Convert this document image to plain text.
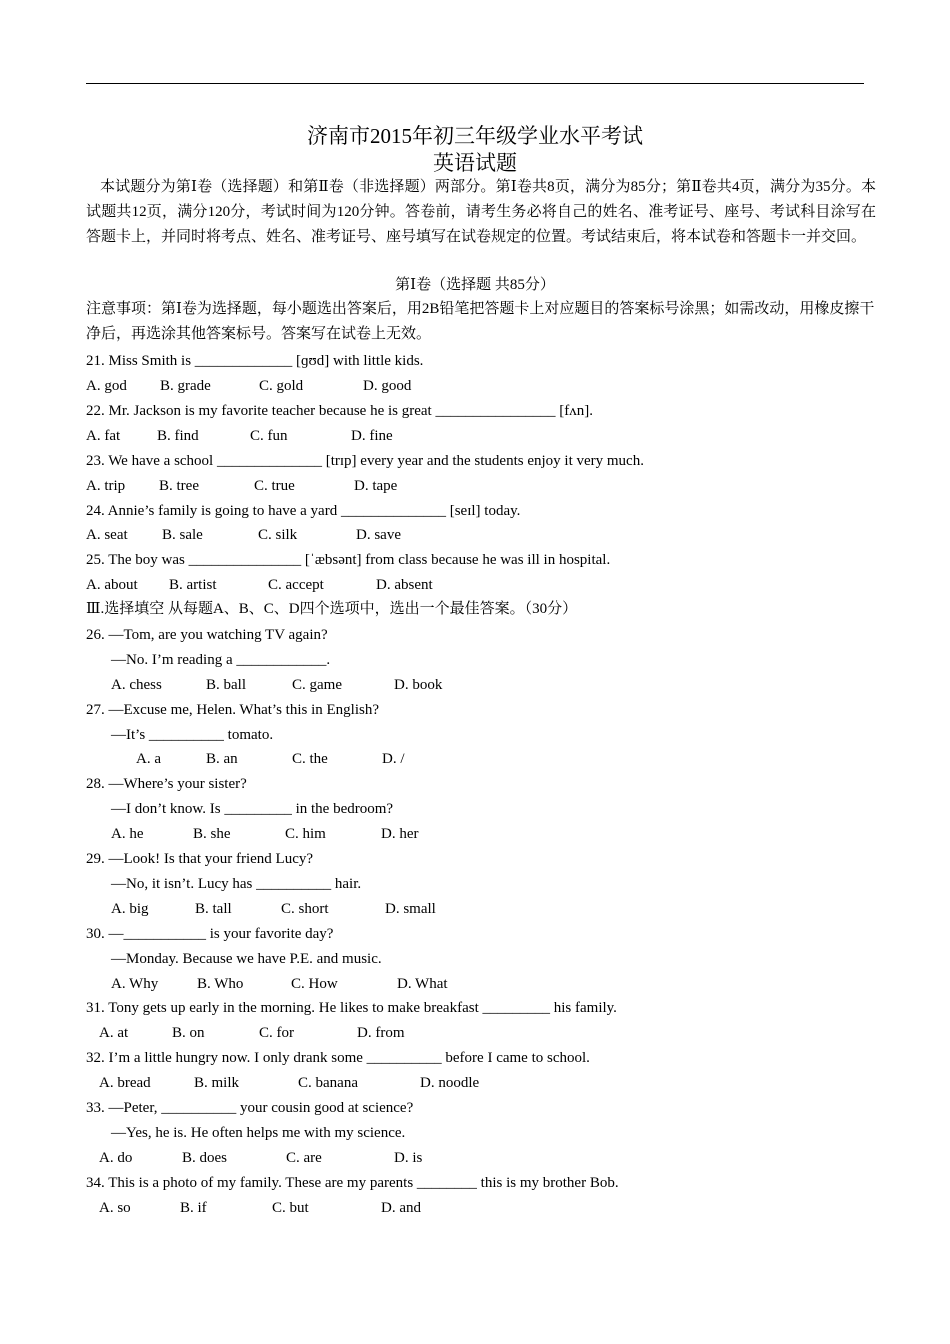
济南市2015年初三年级学业水平考试
英语试题
本试题分为第Ⅰ卷（选择题）和第Ⅱ卷（非选择题）两部分。第Ⅰ卷共8页，满分为85分；第Ⅱ卷共4页，满分为35分。本试题共12页，满分120分，考试时间为120分钟。答卷前，请考生务必将自己的姓名、准考证号、座号、考试科目涂写在答题卡上，并同时将考点、姓名、准考证号、座号填写在试卷规定的位置。考试结束后，将本试卷和答题卡一并交回。
第Ⅰ卷（选择题 共85分）
注意事项：第Ⅰ卷为选择题，每小题选出答案后，用2B铅笔把答题卡上对应题目的答案标号涂黑；如需改动，用橡皮擦干净后，再选涂其他答案标号。答案写在试卷上无效。
21. Miss Smith is _____________ [ɡʊd] with little kids.
A. god B. grade	C. gold	D. good
22. Mr. Jackson is my favorite teacher because he is great ________________ [fʌn].
A. fat B. find	C. fun	D. fine
23. We have a school ______________ [trɪp] every year and the students enjoy it very much.
A. trip B. tree	C. true	D. tape
24. Annie’s family is going to have a yard ______________ [seɪl] today.
A. seat B. sale	C. silk	D. save
25. The boy was _______________ [ˈæbsənt] from class because he was ill in hospital.
A. about B. artist	C. accept	D. absent
Ⅲ.选择填空 从每题A、B、C、D四个选项中，选出一个最佳答案。（30分）
26. —Tom, are you watching TV again?
—No. I’m reading a ____________.
A. chess	B. ball	C. game	D. book
27. —Excuse me, Helen. What’s this in English?
—It’s __________ tomato.
A. a	B. an	C. the	D. /
28. —Where’s your sister?
—I don’t know. Is _________ in the bedroom?
A. he	B. she	C. him	D. her
29. —Look! Is that your friend Lucy?
—No, it isn’t. Lucy has __________ hair.
A. big	B. tall	C. short	D. small
30. —___________ is your favorite day?
—Monday. Because we have P.E. and music.
A. Why	B. Who	C. How	D. What
31. Tony gets up early in the morning. He likes to make breakfast _________ his family.
A. at	B. on	C. for	D. from
32. I’m a little hungry now. I only drank some __________ before I came to school.
A. bread	B. milk	C. banana	D. noodle
33. —Peter, __________ your cousin good at science?
—Yes, he is. He often helps me with my science.
A. do	B. does	C. are	D. is
34. This is a photo of my family. These are my parents ________ this is my brother Bob.
A. so	B. if	C. but	D. and
